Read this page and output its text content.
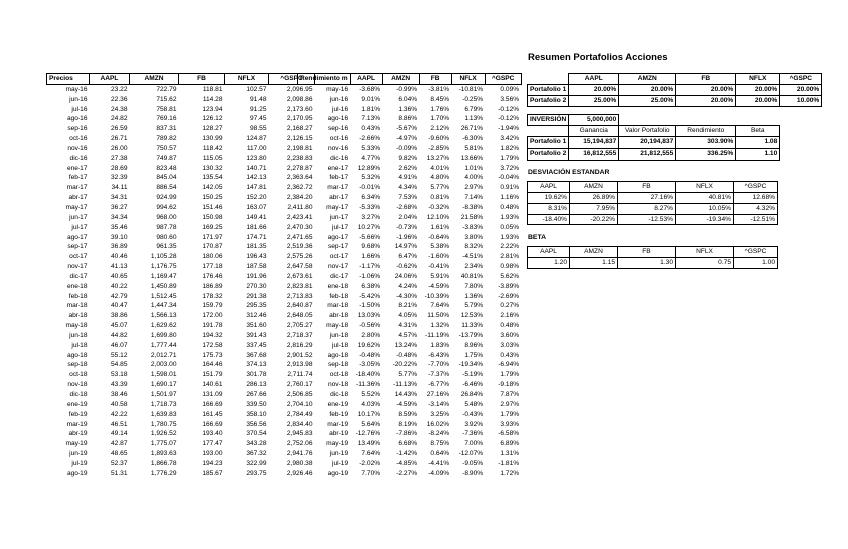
Resumen Portafolios Acciones
Precios	AAPL	AMZN	FB	NFLX	^GSPC
may-16	23.22	722.79	118.81	102.57	2,096.95
jun-16	22.36	715.62	114.28	91.48	2,098.86
jul-16	24.38	758.81	123.94	91.25	2,173.60
ago-16	24.82	769.16	126.12	97.45	2,170.95
sep-16	26.59	837.31	128.27	98.55	2,168.27
oct-16	26.71	789.82	130.99	124.87	2,126.15
nov-16	26.00	750.57	118.42	117.00	2,198.81
dic-16	27.38	749.87	115.05	123.80	2,238.83
ene-17	28.69	823.48	130.32	140.71	2,278.87
feb-17	32.39	845.04	135.54	142.13	2,363.64
mar-17	34.11	886.54	142.05	147.81	2,362.72
abr-17	34.31	924.99	150.25	152.20	2,384.20
may-17	36.27	994.62	151.46	163.07	2,411.80
jun-17	34.34	968.00	150.98	149.41	2,423.41
jul-17	35.46	987.78	169.25	181.66	2,470.30
ago-17	39.10	980.60	171.97	174.71	2,471.65
sep-17	36.89	961.35	170.87	181.35	2,519.36
oct-17	40.46	1,105.28	180.06	196.43	2,575.26
nov-17	41.13	1,176.75	177.18	187.58	2,647.58
dic-17	40.65	1,169.47	176.46	191.96	2,673.61
ene-18	40.22	1,450.89	186.89	270.30	2,823.81
feb-18	42.79	1,512.45	178.32	291.38	2,713.83
mar-18	40.47	1,447.34	159.79	295.35	2,640.87
abr-18	38.86	1,566.13	172.00	312.46	2,648.05
may-18	45.07	1,629.62	191.78	351.60	2,705.27
jun-18	44.82	1,699.80	194.32	391.43	2,718.37
jul-18	46.07	1,777.44	172.58	337.45	2,816.29
ago-18	55.12	2,012.71	175.73	367.68	2,901.52
sep-18	54.85	2,003.00	164.46	374.13	2,913.98
oct-18	53.18	1,598.01	151.79	301.78	2,711.74
nov-18	43.39	1,690.17	140.61	286.13	2,760.17
dic-18	38.46	1,501.97	131.09	267.66	2,506.85
ene-19	40.58	1,718.73	166.69	339.50	2,704.10
feb-19	42.22	1,639.83	161.45	358.10	2,784.49
mar-19	46.51	1,780.75	166.69	356.56	2,834.40
abr-19	49.14	1,926.52	193.40	370.54	2,945.83
may-19	42.87	1,775.07	177.47	343.28	2,752.06
jun-19	48.65	1,893.63	193.00	367.32	2,941.76
jul-19	52.37	1,866.78	194.23	322.99	2,980.38
ago-19	51.31	1,776.29	185.67	293.75	2,926.46
Rendimiento m	AAPL	AMZN	FB	NFLX	^GSPC
may-16	-3.68%	-0.99%	-3.81%	-10.81%	0.09%
jun-16	9.01%	6.04%	8.45%	-0.25%	3.56%
jul-16	1.81%	1.36%	1.76%	6.79%	-0.12%
ago-16	7.13%	8.86%	1.70%	1.13%	-0.12%
sep-16	0.43%	-5.67%	2.12%	26.71%	-1.94%
oct-16	-2.66%	-4.97%	-9.60%	-6.30%	3.42%
nov-16	5.33%	-0.09%	-2.85%	5.81%	1.82%
dic-16	4.77%	9.82%	13.27%	13.66%	1.79%
ene-17	12.89%	2.62%	4.01%	1.01%	3.72%
feb-17	5.32%	4.91%	4.80%	4.00%	-0.04%
mar-17	-0.01%	4.34%	5.77%	2.97%	0.91%
abr-17	6.34%	7.53%	0.81%	7.14%	1.16%
may-17	-5.33%	-2.68%	-0.32%	-8.38%	0.48%
jun-17	3.27%	2.04%	12.10%	21.58%	1.93%
jul-17	10.27%	-0.73%	1.61%	-3.83%	0.05%
ago-17	-5.66%	-1.96%	-0.64%	3.80%	1.93%
sep-17	9.68%	14.97%	5.38%	8.32%	2.22%
oct-17	1.66%	6.47%	-1.60%	-4.51%	2.81%
nov-17	-1.17%	-0.62%	-0.41%	2.34%	0.98%
dic-17	-1.06%	24.06%	5.91%	40.81%	5.62%
ene-18	6.38%	4.24%	-4.59%	7.80%	-3.89%
feb-18	-5.42%	-4.30%	-10.39%	1.36%	-2.69%
mar-18	-1.50%	8.21%	7.64%	5.79%	0.27%
abr-18	13.03%	4.05%	11.50%	12.53%	2.16%
may-18	-0.56%	4.31%	1.32%	11.33%	0.48%
jun-18	2.80%	4.57%	-11.19%	-13.79%	3.60%
jul-18	19.62%	13.24%	1.83%	8.96%	3.03%
ago-18	-0.48%	-0.48%	-6.43%	1.75%	0.43%
sep-18	-3.05%	-20.22%	-7.70%	-19.34%	-6.94%
oct-18	-18.40%	5.77%	-7.37%	-5.19%	1.79%
nov-18	-11.36%	-11.13%	-6.77%	-6.46%	-9.18%
dic-18	5.52%	14.43%	27.16%	26.84%	7.87%
ene-19	4.03%	-4.59%	-3.14%	5.48%	2.97%
feb-19	10.17%	8.59%	3.25%	-0.43%	1.79%
mar-19	5.64%	8.19%	16.02%	3.92%	3.93%
abr-19	-12.76%	-7.86%	-8.24%	-7.36%	-6.58%
may-19	13.49%	6.68%	8.75%	7.00%	6.89%
jun-19	7.64%	-1.42%	0.64%	-12.07%	1.31%
jul-19	-2.02%	-4.85%	-4.41%	-9.05%	-1.81%
ago-19	7.70%	-2.27%	-4.09%	-8.90%	1.72%
	AAPL	AMZN	FB	NFLX	^GSPC
Portafolio 1	20.00%	20.00%	20.00%	20.00%	20.00%
Portafolio 2	25.00%	25.00%	20.00%	20.00%	10.00%
INVERSIÓN	5,000,000			
	Ganancia	Valor Portafolio	Rendimiento	Beta
Portafolio 1	15,194,837	20,194,837	303.90%	1.08
Portafolio 2	16,812,555	21,812,555	336.25%	1.10
DESVIACIÓN ESTANDAR
AAPL	AMZN	FB	NFLX	^GSPC
19.62%	26.89%	27.16%	40.81%	12.68%
8.31%	7.95%	8.27%	10.05%	4.32%
-18.40%	-20.22%	-12.53%	-19.34%	-12.51%
BETA
AAPL	AMZN	FB	NFLX	^GSPC
1.20	1.15	1.30	0.75	1.00
